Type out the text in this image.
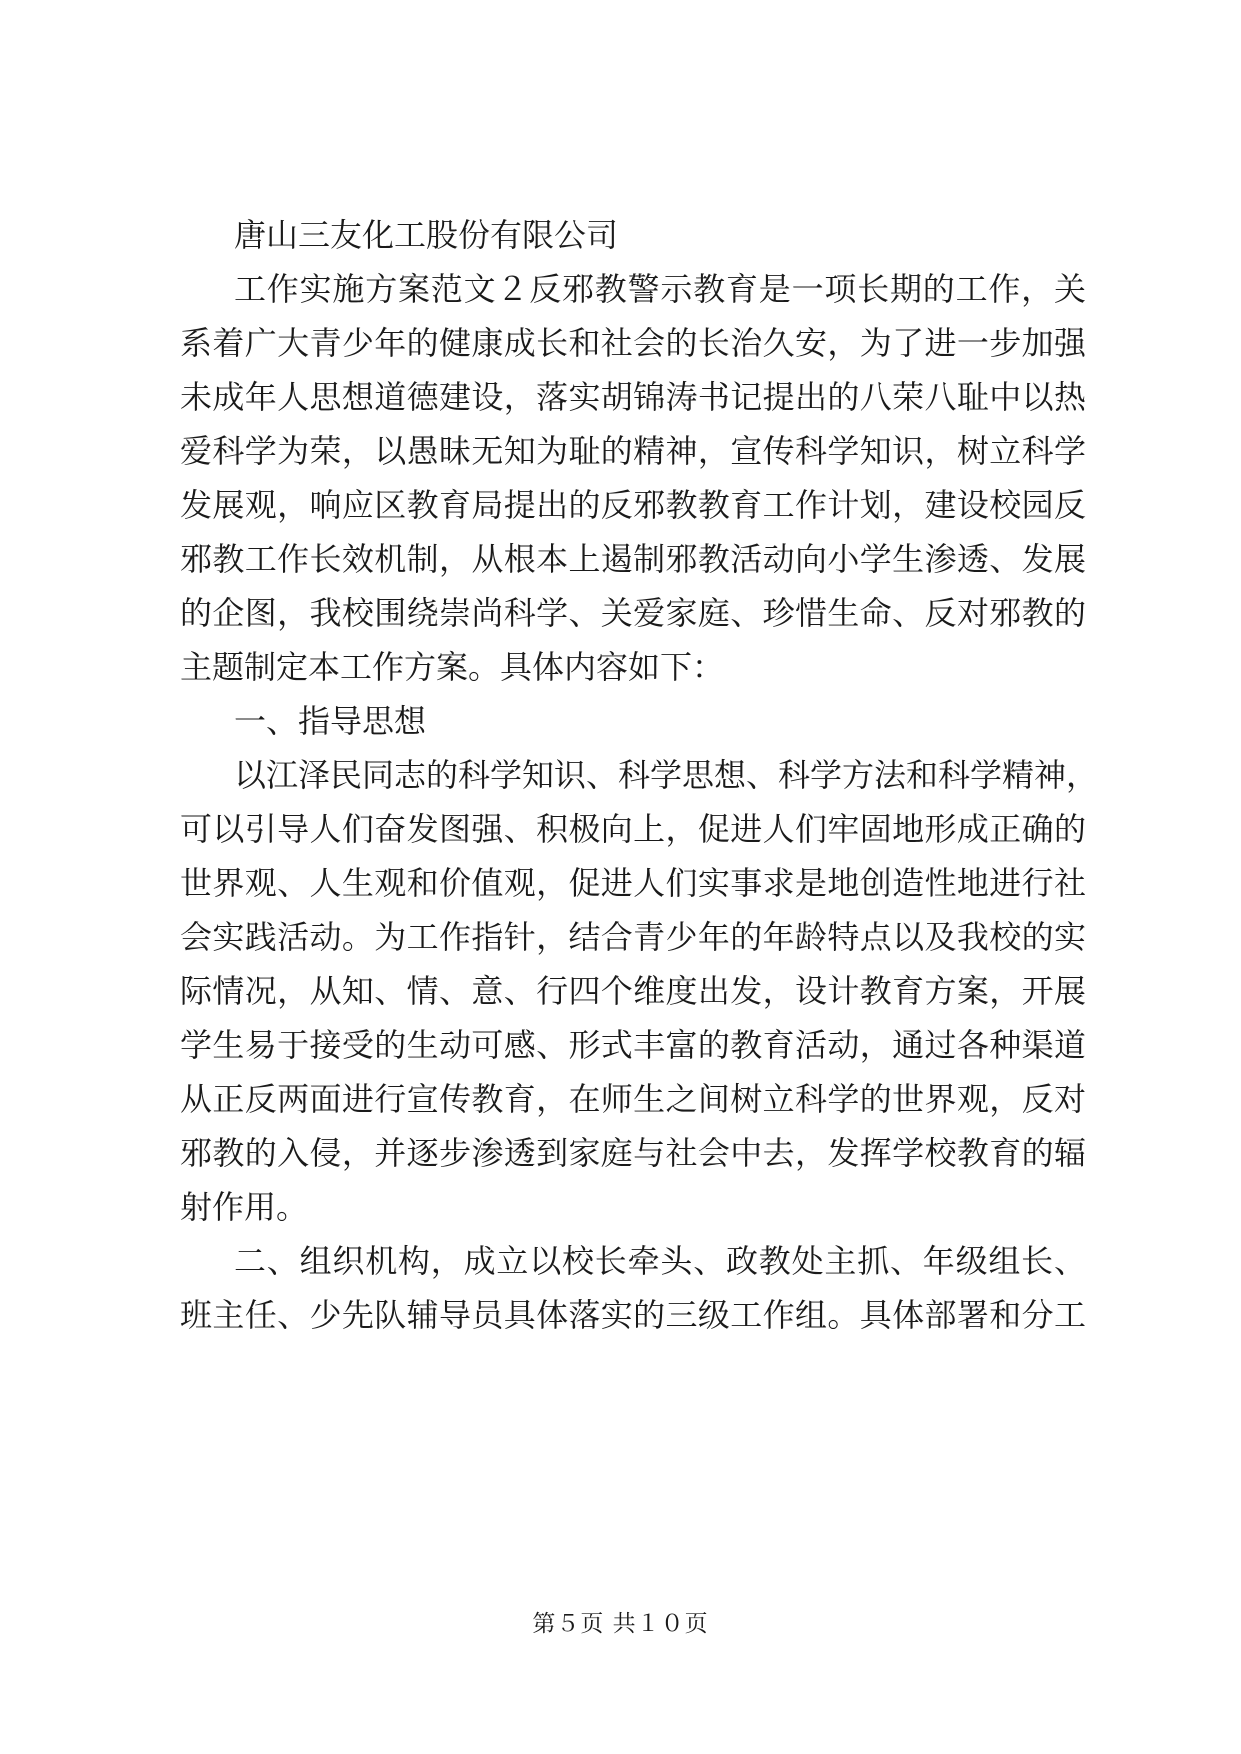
唐山三友化工股份有限公司
工作实施方案范文２反邪教警示教育是一项长期的工作，关
系着广大青少年的健康成长和社会的长治久安，为了进一步加强
未成年人思想道德建设，落实胡锦涛书记提出的八荣八耻中以热
爱科学为荣，以愚昧无知为耻的精神，宣传科学知识，树立科学
发展观，响应区教育局提出的反邪教教育工作计划，建设校园反
邪教工作长效机制，从根本上遏制邪教活动向小学生渗透、发展
的企图，我校围绕崇尚科学、关爱家庭、珍惜生命、反对邪教的
主题制定本工作方案。具体内容如下：
一、指导思想
以江泽民同志的科学知识、科学思想、科学方法和科学精神，
可以引导人们奋发图强、积极向上，促进人们牢固地形成正确的
世界观、人生观和价值观，促进人们实事求是地创造性地进行社
会实践活动。为工作指针，结合青少年的年龄特点以及我校的实
际情况，从知、情、意、行四个维度出发，设计教育方案，开展
学生易于接受的生动可感、形式丰富的教育活动，通过各种渠道
从正反两面进行宣传教育，在师生之间树立科学的世界观，反对
邪教的入侵，并逐步渗透到家庭与社会中去，发挥学校教育的辐
射作用。
二、组织机构，成立以校长牵头、政教处主抓、年级组长、
班主任、少先队辅导员具体落实的三级工作组。具体部署和分工
第５页 共１０页
